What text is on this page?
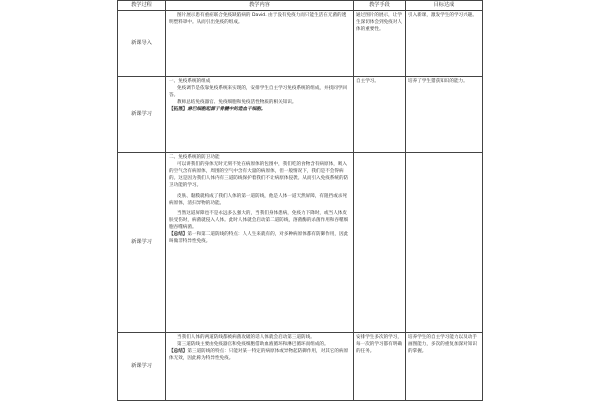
教学过程	教学内容	教学手段	目标达成
新课导入	图片展示患有重症联合免疫缺陷病的 David. 由于没有免疫力而只能生活在无菌的透明塑料罩中。从而引出免疫的组成。	通过图片的展示，让学生深切体会到免疫对人体的重要性。	引入新课，激发学生的学习兴趣。
新课学习	一、免疫系统的组成

免疫调节是依靠免疫系统来实现的，安排学生自主学习免疫系统的组成，并找同学回答。

教师总结免疫器官、免疫细胞和免疫活性物质的相关知识。

【拓展】淋巴细胞起源于骨髓中的造血干细胞。	自主学习。	培养了学生猎获知识的能力。
新课学习	二、免疫系统的防卫功能

可以讲我们的身体无时无刻不处在病原体的包围中，我们吃的食物含有病原体，吸入的空气含有病原体，周围的空气中含有大量的病原体，但一般情况下，我们是不会得病的。这是因为我们人体内有三道防线保护着我们不让病原体侵袭。从而引入免疫系统的防卫功能的学习。

皮肤、黏膜就构成了我们人体的第一道防线，他是人体一道天然屏障，有阻挡或杀死病原体，清扫异物的功能。

当然这道屏障也不是永远多么强大的，当我们身体患病，免疫力下降时，或当人体皮肤受伤时，病菌就侵入人体。此时人体就会启动第二道防线，溶菌酶的杀菌作用和吞噬细胞吞噬病菌。

【总结】第一和第二道防线的特点：人人生来就有的，对多种病原体都有防御作用，因此叫做非特异性免疫。		

新课学习	当我们人体的两道防线都被病菌攻破的话人体就会启动第三道防线。

第三道防线主要由免疫器官和免疫细胞借助血液循环和淋巴循环而组成的。

【总结】第三道防线的特点：只能对某一特定的病原体或异物起防御作用，对其它的病原体无效，因此称为特异性免疫。	安排学生多次的学习，每一次的学习都有明确的任务。	培养学生的自主学习能力以及动手画图能力，多次的重复加深对知识的掌握。
